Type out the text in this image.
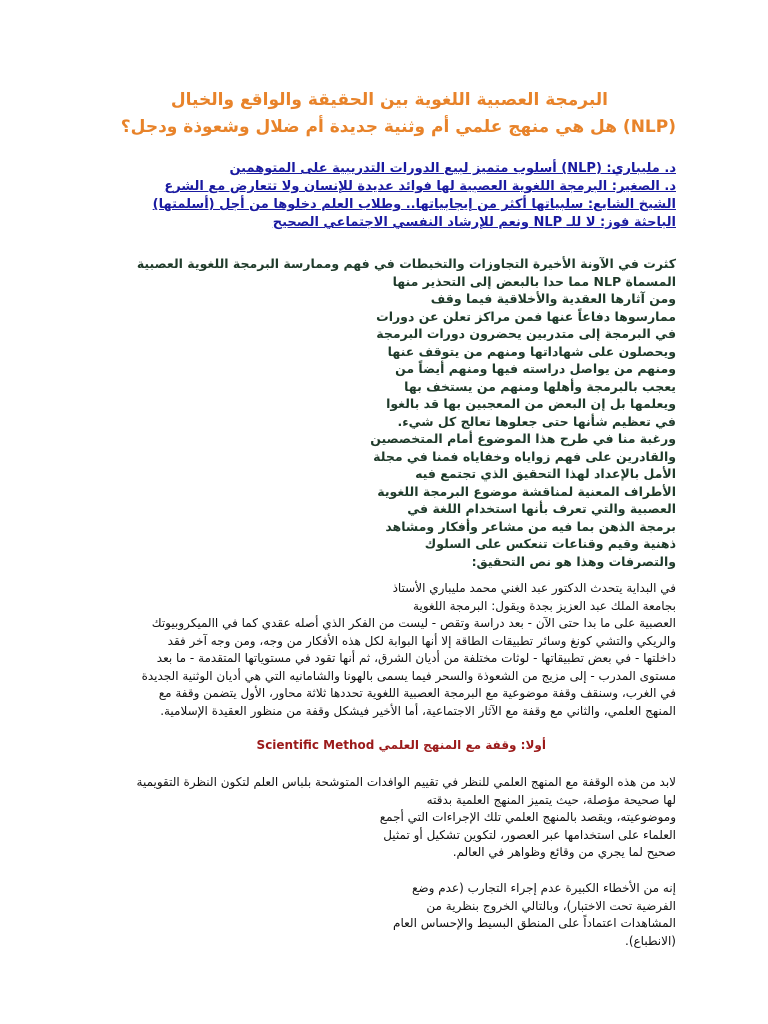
البرمجة العصبية اللغوية بين الحقيقة والواقع والخيال
(NLP) هل هي منهج علمي أم وثنية جديدة أم ضلال وشعوذة ودجل؟
د. مليباري: (NLP) أسلوب متميز لبيع الدورات التدريبية على المتوهمين
د. الصغير: البرمجة اللغوية العصبية لها فوائد عديدة للإنسان ولا تتعارض مع الشرع
الشيخ الشايع: سلبياتها أكثر من إيجابياتها.. وطلاب العلم دخلوها من أجل (أسلمتها)
الباحثة فوز: لا للـ NLP ونعم للإرشاد النفسي الاجتماعي الصحيح
كثرت في الآونة الأخيرة التجاوزات والتخبطات في فهم وممارسة البرمجة اللغوية العصبية
المسماة NLP مما حدا بالبعض إلى التحذير منها
ومن آثارها العقدية والأخلاقية فيما وقف
ممارسوها دفاعاً عنها فمن مراكز تعلن عن دورات
في البرمجة إلى متدربين يحضرون دورات البرمجة
ويحصلون على شهاداتها ومنهم من يتوقف عنها
ومنهم من يواصل دراسته فيها ومنهم أيضاً من
يعجب بالبرمجة وأهلها ومنهم من يستخف بها
ويعلمها بل إن البعض من المعجبين بها قد بالغوا
في تعظيم شأنها حتى جعلوها تعالج كل شيء.
ورغبة منا في طرح هذا الموضوع أمام المتخصصين
والقادرين على فهم زواياه وخفاياه فمنا في مجلة
الأمل بالإعداد لهذا التحقيق الذي تجتمع فيه
الأطراف المعنية لمناقشة موضوع البرمجة اللغوية
العصبية والتي تعرف بأنها استخدام اللغة في
برمجة الذهن بما فيه من مشاعر وأفكار ومشاهد
ذهنية وقيم وقناعات تنعكس على السلوك
والتصرفات وهذا هو نص التحقيق:
في البداية يتحدث الدكتور عبد الغني محمد مليباري الأستاذ
بجامعة الملك عبد العزيز بجدة ويقول: البرمجة اللغوية
العصبية على ما بدا حتى الآن - بعد دراسة وتقص - ليست من الفكر الذي أصله عقدي كما في االميكروبيوتك
والريكي والتشي كونغ وسائر تطبيقات الطاقة إلا أنها البوابة لكل هذه الأفكار من وجه، ومن وجه آخر فقد
داخلتها - في بعض تطبيقاتها - لوثات مختلفة من أديان الشرق، ثم أنها تقود في مستوياتها المتقدمة - ما بعد
مستوى المدرب - إلى مزيج من الشعوذة والسحر فيما يسمى بالهونا والشامانيه التي هي أديان الوثنية الجديدة
في الغرب، وسنقف وقفة موضوعية مع البرمجة العصبية اللغوية تحددها ثلاثة محاور، الأول يتضمن وقفة مع
المنهج العلمي، والثاني مع وقفة مع الآثار الاجتماعية، أما الأخير فيشكل وقفة من منظور العقيدة الإسلامية.
أولا: وقفة مع المنهج العلمي Scientific Method
لابد من هذه الوقفة مع المنهج العلمي للنظر في تقييم الوافدات المتوشحة بلباس العلم لتكون النظرة التقويمية
لها صحيحة مؤصلة، حيث يتميز المنهج العلمية بدقته
وموضوعيته، ويقصد بالمنهج العلمي تلك الإجراءات التي أجمع
العلماء على استخدامها عبر العصور، لتكوين تشكيل أو تمثيل
صحيح لما يجري من وقائع وظواهر في العالم.
إنه من الأخطاء الكبيرة عدم إجراء التجارب (عدم وضع
الفرضية تحت الاختبار)، وبالتالي الخروج بنظرية من
المشاهدات اعتماداً على المنطق البسيط والإحساس العام
(الانطباع).
